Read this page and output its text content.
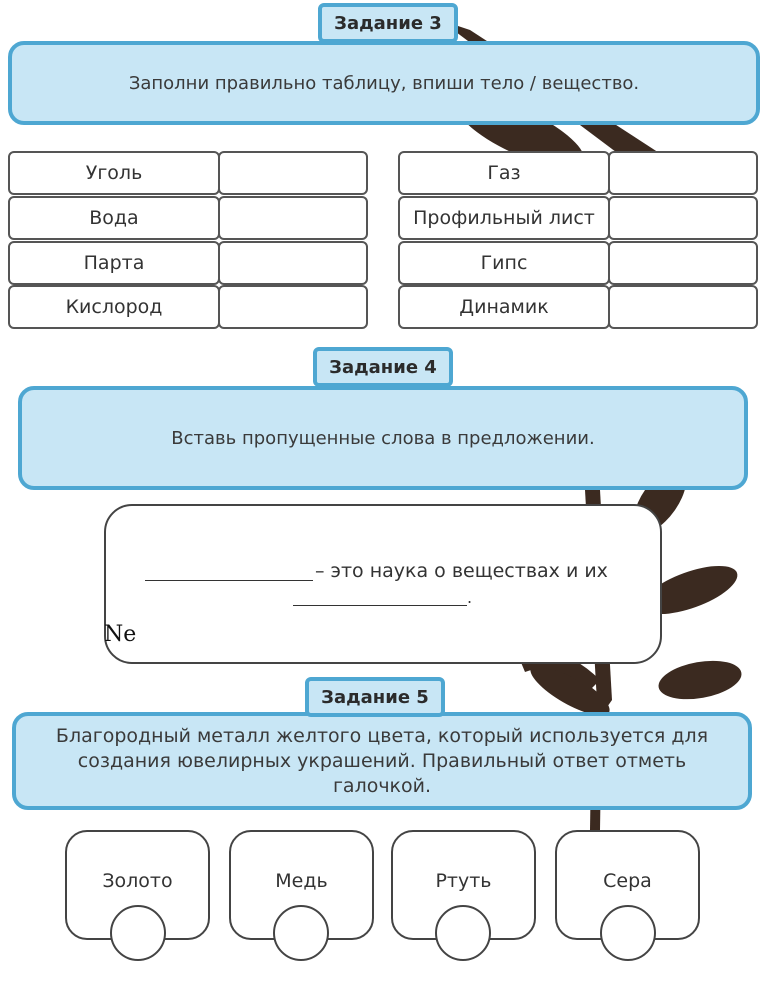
Заполни правильно таблицу, впиши тело / вещество.
Задание 3
Уголь
Вода
Парта
Кислород
Газ
Профильный лист
Гипс
Динамик
Вставь пропущенные слова в предложении.
Задание 4
– это наука о веществах и их
.
Ne
Благородный металл желтого цвета, который используется для
создания ювелирных украшений. Правильный ответ отметь
галочкой.
Задание 5
Золото	Медь	Ртуть	Сера
